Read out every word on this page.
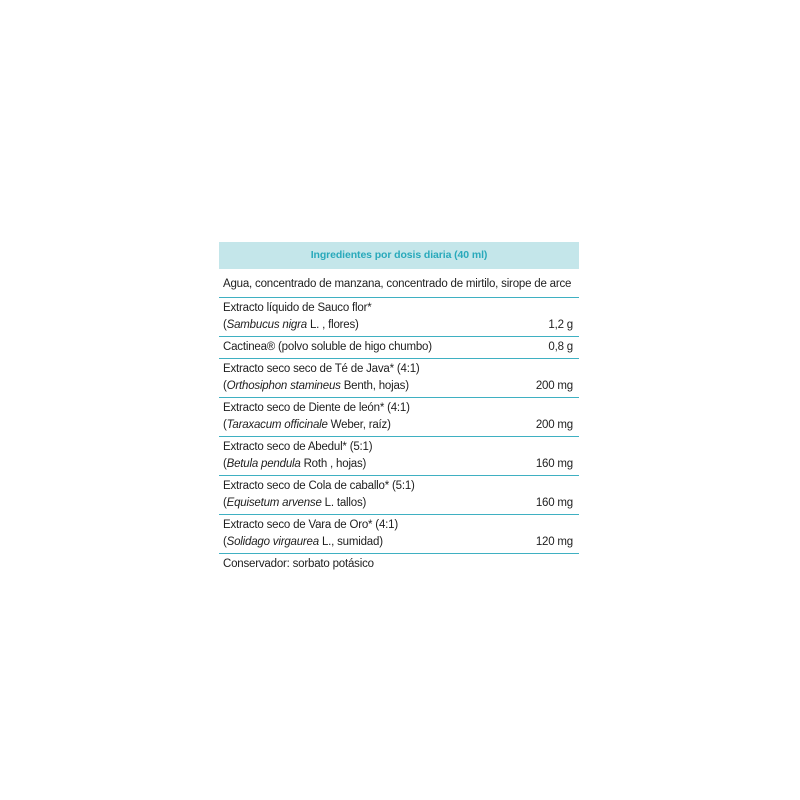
Ingredientes por dosis diaria (40 ml)
Agua, concentrado de manzana, concentrado de mirtilo, sirope de arce
Extracto líquido de Sauco flor*
(Sambucus nigra L. , flores)	1,2 g
Cactinea® (polvo soluble de higo chumbo)	0,8 g
Extracto seco seco de Té de Java* (4:1)
(Orthosiphon stamineus Benth, hojas)	200 mg
Extracto seco de Diente de león* (4:1)
(Taraxacum officinale Weber, raíz)	200 mg
Extracto seco de Abedul* (5:1)
(Betula pendula Roth , hojas)	160 mg
Extracto seco de Cola de caballo* (5:1)
(Equisetum arvense L. tallos)	160 mg
Extracto seco de Vara de Oro* (4:1)
(Solidago virgaurea L., sumidad)	120 mg
Conservador: sorbato potásico
